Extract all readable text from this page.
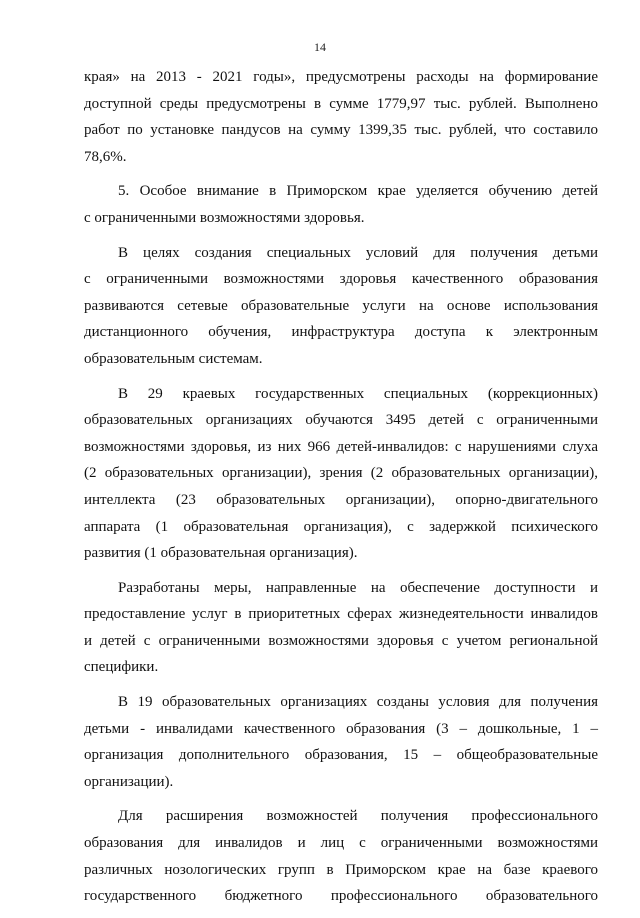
14
края» на 2013 - 2021 годы», предусмотрены расходы на формирование
доступной среды предусмотрены в сумме 1779,97 тыс. рублей. Выполнено
работ по установке пандусов на сумму 1399,35 тыс. рублей, что составило
78,6%.
5. Особое внимание в Приморском крае уделяется обучению детей
с ограниченными возможностями здоровья.
В целях создания специальных условий для получения детьми
с ограниченными возможностями здоровья качественного образования
развиваются сетевые образовательные услуги на основе использования
дистанционного обучения, инфраструктура доступа к электронным
образовательным системам.
В 29 краевых государственных специальных (коррекционных)
образовательных организациях обучаются 3495 детей с ограниченными
возможностями здоровья, из них 966 детей-инвалидов: с нарушениями слуха
(2 образовательных организации), зрения (2 образовательных организации),
интеллекта (23 образовательных организации), опорно-двигательного
аппарата (1 образовательная организация), с задержкой психического
развития (1 образовательная организация).
Разработаны меры, направленные на обеспечение доступности и
предоставление услуг в приоритетных сферах жизнедеятельности инвалидов
и детей с ограниченными возможностями здоровья с учетом региональной
специфики.
В 19 образовательных организациях созданы условия для получения
детьми - инвалидами качественного образования (3 – дошкольные, 1 –
организация дополнительного образования, 15 – общеобразовательные
организации).
Для расширения возможностей получения профессионального
образования для инвалидов и лиц с ограниченными возможностями
различных нозологических групп в Приморском крае на базе краевого
государственного бюджетного профессионального образовательного
